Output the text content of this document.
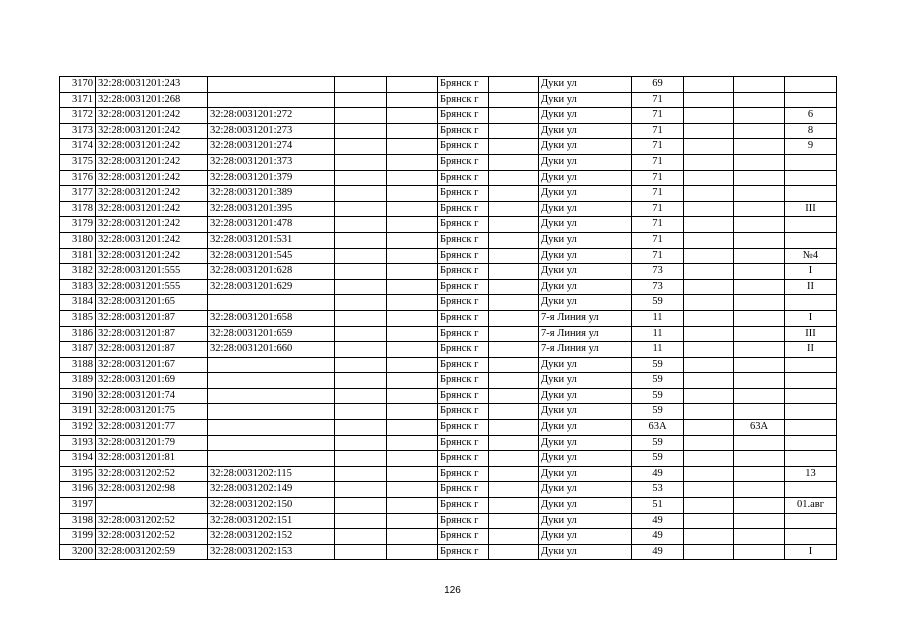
3170	32:28:0031201:243				Брянск г		Дуки ул	69			
3171	32:28:0031201:268				Брянск г		Дуки ул	71			
3172	32:28:0031201:242	32:28:0031201:272			Брянск г		Дуки ул	71			6
3173	32:28:0031201:242	32:28:0031201:273			Брянск г		Дуки ул	71			8
3174	32:28:0031201:242	32:28:0031201:274			Брянск г		Дуки ул	71			9
3175	32:28:0031201:242	32:28:0031201:373			Брянск г		Дуки ул	71			
3176	32:28:0031201:242	32:28:0031201:379			Брянск г		Дуки ул	71			
3177	32:28:0031201:242	32:28:0031201:389			Брянск г		Дуки ул	71			
3178	32:28:0031201:242	32:28:0031201:395			Брянск г		Дуки ул	71			III
3179	32:28:0031201:242	32:28:0031201:478			Брянск г		Дуки ул	71			
3180	32:28:0031201:242	32:28:0031201:531			Брянск г		Дуки ул	71			
3181	32:28:0031201:242	32:28:0031201:545			Брянск г		Дуки ул	71			№4
3182	32:28:0031201:555	32:28:0031201:628			Брянск г		Дуки ул	73			I
3183	32:28:0031201:555	32:28:0031201:629			Брянск г		Дуки ул	73			II
3184	32:28:0031201:65				Брянск г		Дуки ул	59			
3185	32:28:0031201:87	32:28:0031201:658			Брянск г		7-я Линия ул	11			I
3186	32:28:0031201:87	32:28:0031201:659			Брянск г		7-я Линия ул	11			III
3187	32:28:0031201:87	32:28:0031201:660			Брянск г		7-я Линия ул	11			II
3188	32:28:0031201:67				Брянск г		Дуки ул	59			
3189	32:28:0031201:69				Брянск г		Дуки ул	59			
3190	32:28:0031201:74				Брянск г		Дуки ул	59			
3191	32:28:0031201:75				Брянск г		Дуки ул	59			
3192	32:28:0031201:77				Брянск г		Дуки ул	63А		63А	
3193	32:28:0031201:79				Брянск г		Дуки ул	59			
3194	32:28:0031201:81				Брянск г		Дуки ул	59			
3195	32:28:0031202:52	32:28:0031202:115			Брянск г		Дуки ул	49			13
3196	32:28:0031202:98	32:28:0031202:149			Брянск г		Дуки ул	53			
3197		32:28:0031202:150			Брянск г		Дуки ул	51			01.авг
3198	32:28:0031202:52	32:28:0031202:151			Брянск г		Дуки ул	49			
3199	32:28:0031202:52	32:28:0031202:152			Брянск г		Дуки ул	49			
3200	32:28:0031202:59	32:28:0031202:153			Брянск г		Дуки ул	49			I
126
